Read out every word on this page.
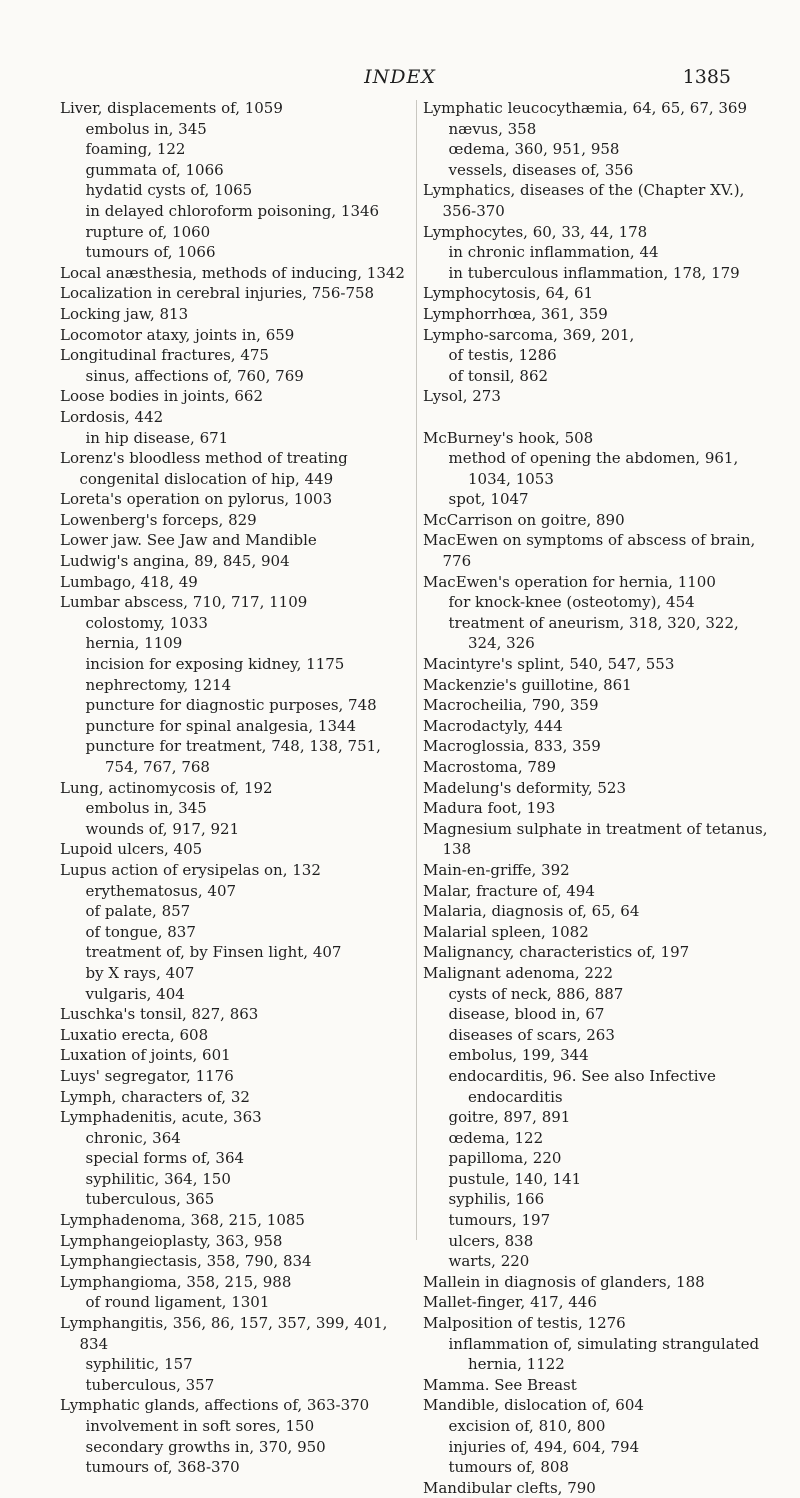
INDEX	1385
Liver, displacements of, 1059
embolus in, 345
foaming, 122
gummata of, 1066
hydatid cysts of, 1065
in delayed chloroform poisoning, 1346
rupture of, 1060
tumours of, 1066
Local anæsthesia, methods of inducing, 1342
Localization in cerebral injuries, 756-758
Locking jaw, 813
Locomotor ataxy, joints in, 659
Longitudinal fractures, 475
sinus, affections of, 760, 769
Loose bodies in joints, 662
Lordosis, 442
in hip disease, 671
Lorenz's bloodless method of treating congenital dislocation of hip, 449
Loreta's operation on pylorus, 1003
Lowenberg's forceps, 829
Lower jaw. See Jaw and Mandible
Ludwig's angina, 89, 845, 904
Lumbago, 418, 49
Lumbar abscess, 710, 717, 1109
colostomy, 1033
hernia, 1109
incision for exposing kidney, 1175
nephrectomy, 1214
puncture for diagnostic purposes, 748
puncture for spinal analgesia, 1344
puncture for treatment, 748, 138, 751, 754, 767, 768
Lung, actinomycosis of, 192
embolus in, 345
wounds of, 917, 921
Lupoid ulcers, 405
Lupus action of erysipelas on, 132
erythematosus, 407
of palate, 857
of tongue, 837
treatment of, by Finsen light, 407
by X rays, 407
vulgaris, 404
Luschka's tonsil, 827, 863
Luxatio erecta, 608
Luxation of joints, 601
Luys' segregator, 1176
Lymph, characters of, 32
Lymphadenitis, acute, 363
chronic, 364
special forms of, 364
syphilitic, 364, 150
tuberculous, 365
Lymphadenoma, 368, 215, 1085
Lymphangeioplasty, 363, 958
Lymphangiectasis, 358, 790, 834
Lymphangioma, 358, 215, 988
of round ligament, 1301
Lymphangitis, 356, 86, 157, 357, 399, 401, 834
syphilitic, 157
tuberculous, 357
Lymphatic glands, affections of, 363-370
involvement in soft sores, 150
secondary growths in, 370, 950
tumours of, 368-370
Lymphatic leucocythæmia, 64, 65, 67, 369
nævus, 358
œdema, 360, 951, 958
vessels, diseases of, 356
Lymphatics, diseases of the (Chapter XV.), 356-370
Lymphocytes, 60, 33, 44, 178
in chronic inflammation, 44
in tuberculous inflammation, 178, 179
Lymphocytosis, 64, 61
Lymphorrhœa, 361, 359
Lympho-sarcoma, 369, 201,
of testis, 1286
of tonsil, 862
Lysol, 273
McBurney's hook, 508
method of opening the abdomen, 961, 1034, 1053
spot, 1047
McCarrison on goitre, 890
MacEwen on symptoms of abscess of brain, 776
MacEwen's operation for hernia, 1100
for knock-knee (osteotomy), 454
treatment of aneurism, 318, 320, 322, 324, 326
Macintyre's splint, 540, 547, 553
Mackenzie's guillotine, 861
Macrocheilia, 790, 359
Macrodactyly, 444
Macroglossia, 833, 359
Macrostoma, 789
Madelung's deformity, 523
Madura foot, 193
Magnesium sulphate in treatment of tetanus, 138
Main-en-griffe, 392
Malar, fracture of, 494
Malaria, diagnosis of, 65, 64
Malarial spleen, 1082
Malignancy, characteristics of, 197
Malignant adenoma, 222
cysts of neck, 886, 887
disease, blood in, 67
diseases of scars, 263
embolus, 199, 344
endocarditis, 96. See also Infective endocarditis
goitre, 897, 891
œdema, 122
papilloma, 220
pustule, 140, 141
syphilis, 166
tumours, 197
ulcers, 838
warts, 220
Mallein in diagnosis of glanders, 188
Mallet-finger, 417, 446
Malposition of testis, 1276
inflammation of, simulating strangulated hernia, 1122
Mamma. See Breast
Mandible, dislocation of, 604
excision of, 810, 800
injuries of, 494, 604, 794
tumours of, 808
Mandibular clefts, 790
